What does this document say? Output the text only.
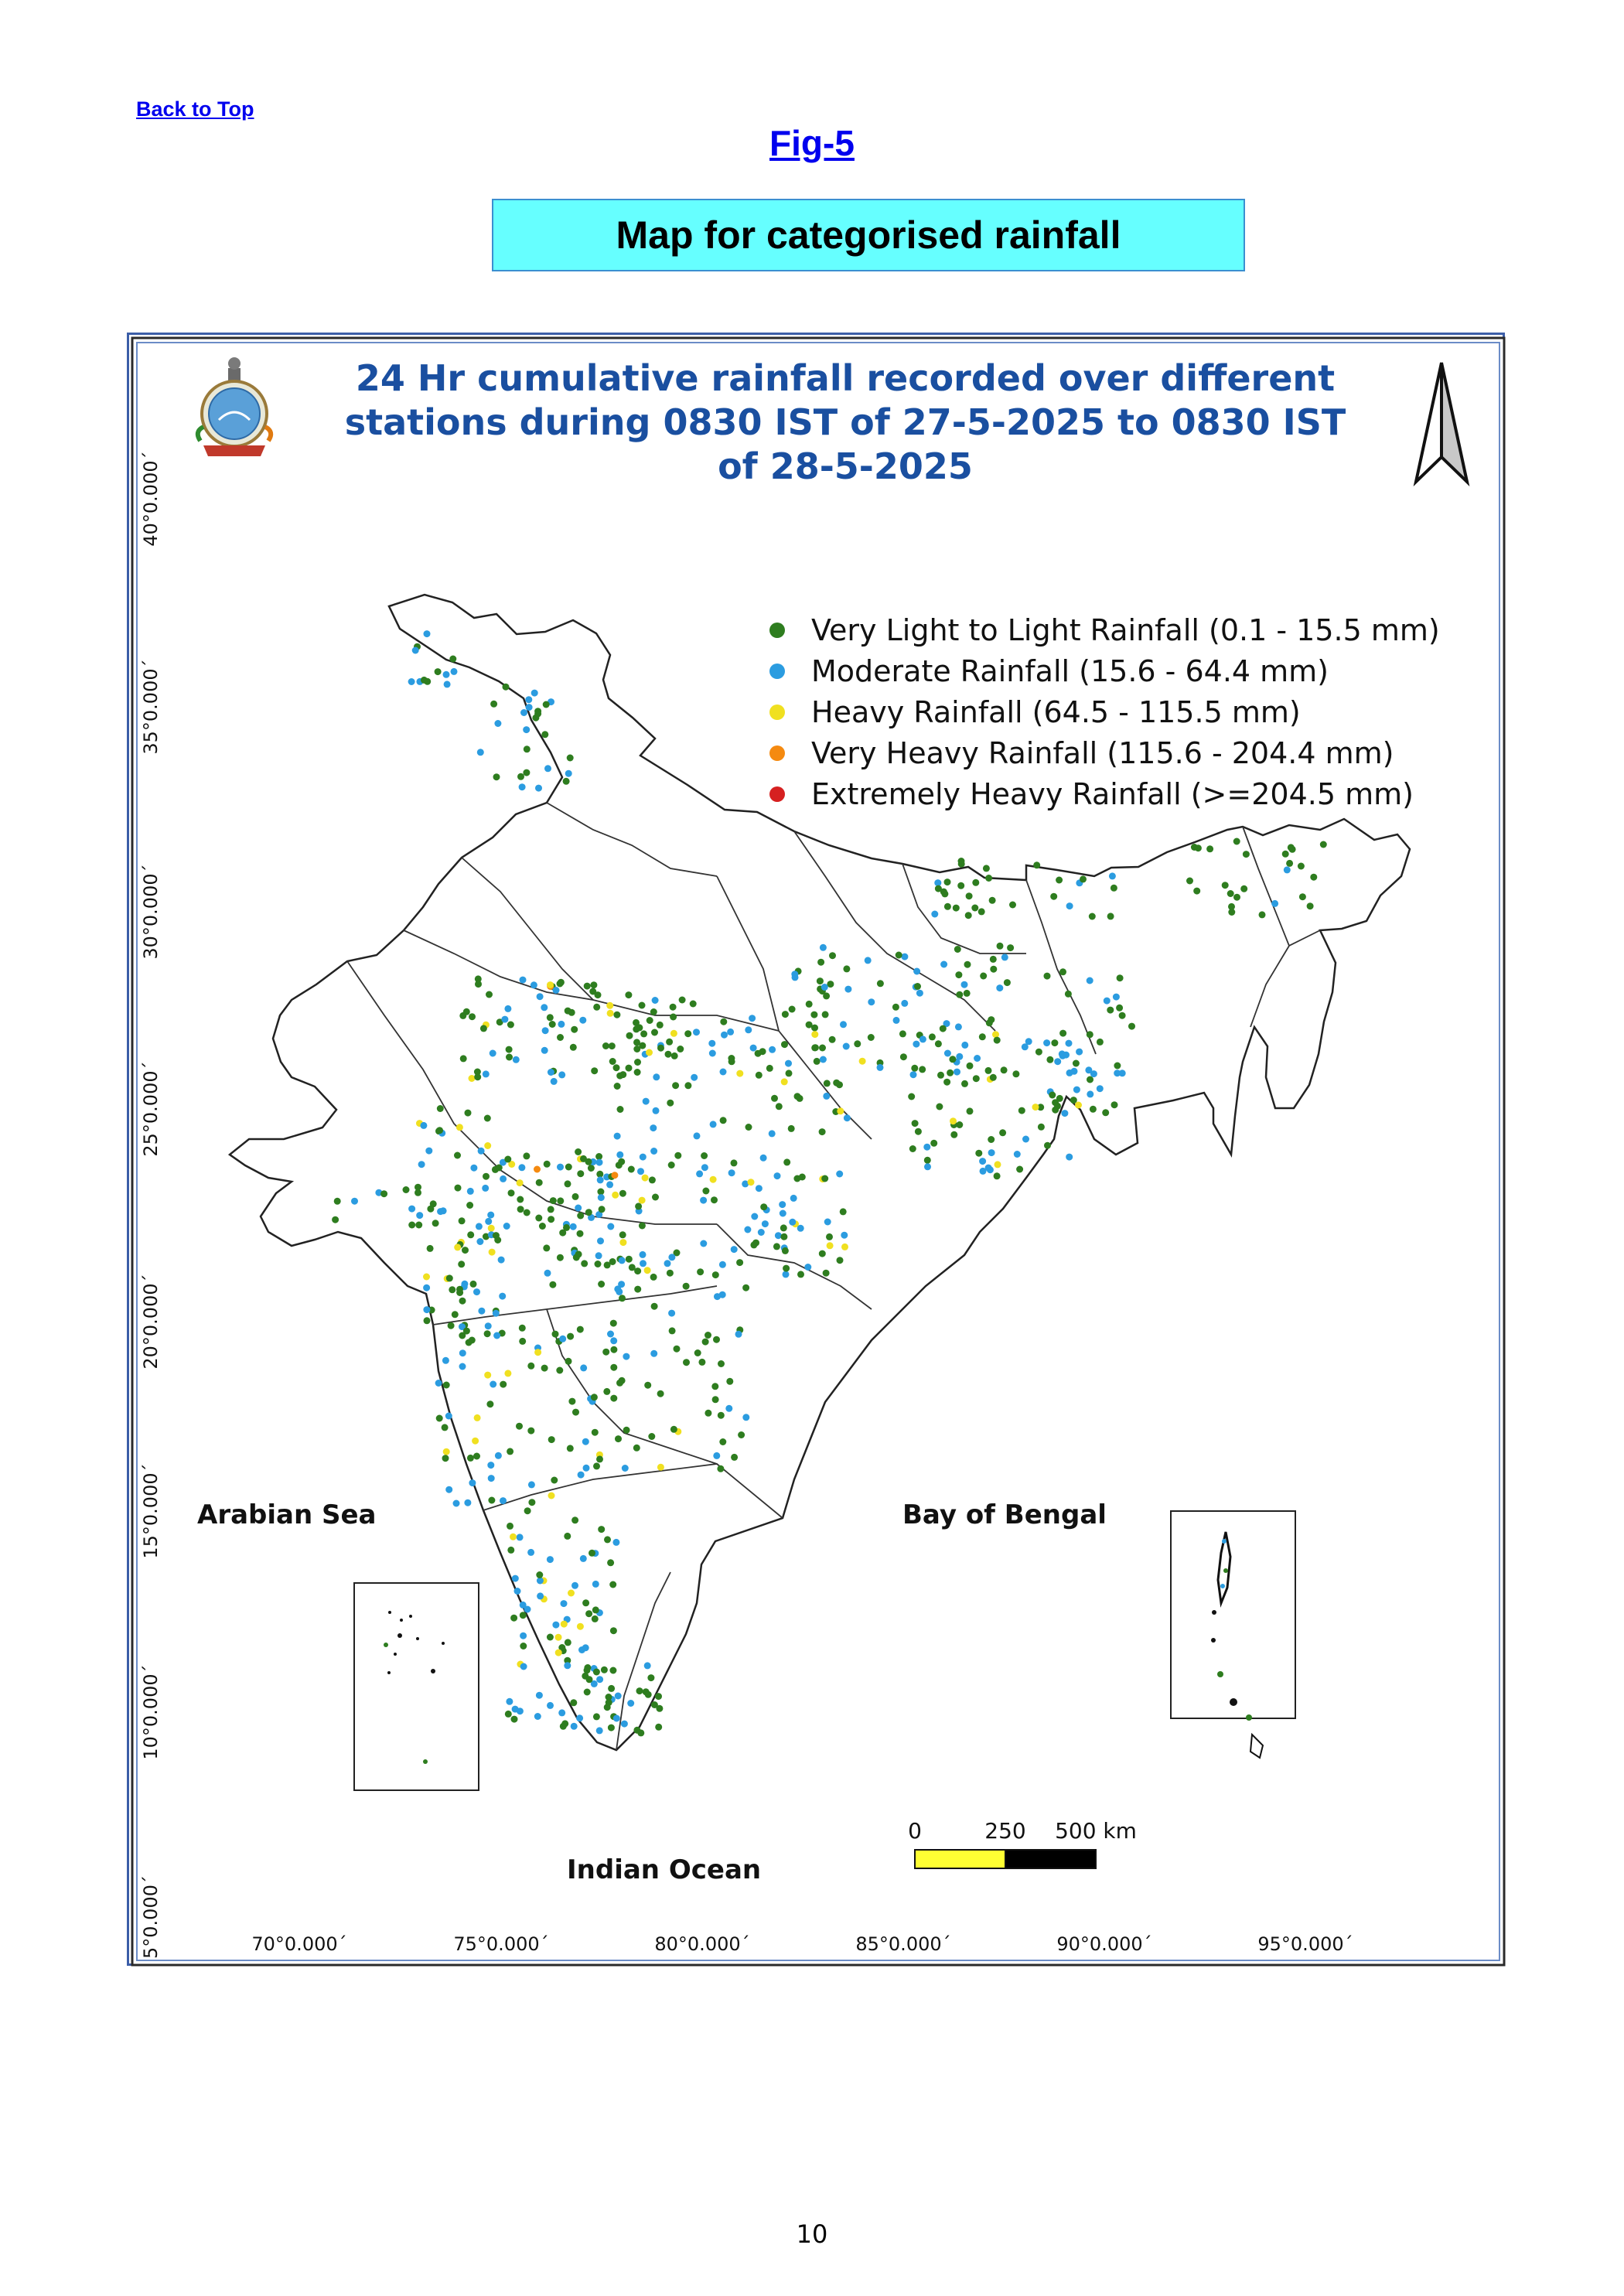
Back to Top
Fig-5
Map for categorised rainfall
24 Hr cumulative rainfall recorded over different
stations during 0830 IST of 27-5-2025 to 0830 IST
of 28-5-2025
40°0.000´
35°0.000´
30°0.000´
25°0.000´
20°0.000´
15°0.000´
10°0.000´
5°0.000´	70°0.000´	75°0.000´	80°0.000´	85°0.000´	90°0.000´	95°0.000´
Very Light to Light Rainfall (0.1 - 15.5 mm)
Moderate Rainfall (15.6 - 64.4 mm)
Heavy Rainfall (64.5 - 115.5 mm)
Very Heavy Rainfall (115.6 - 204.4 mm)
Extremely Heavy Rainfall (>=204.5 mm)
Arabian Sea	Bay of Bengal
Indian Ocean
0	250 500 km
10
